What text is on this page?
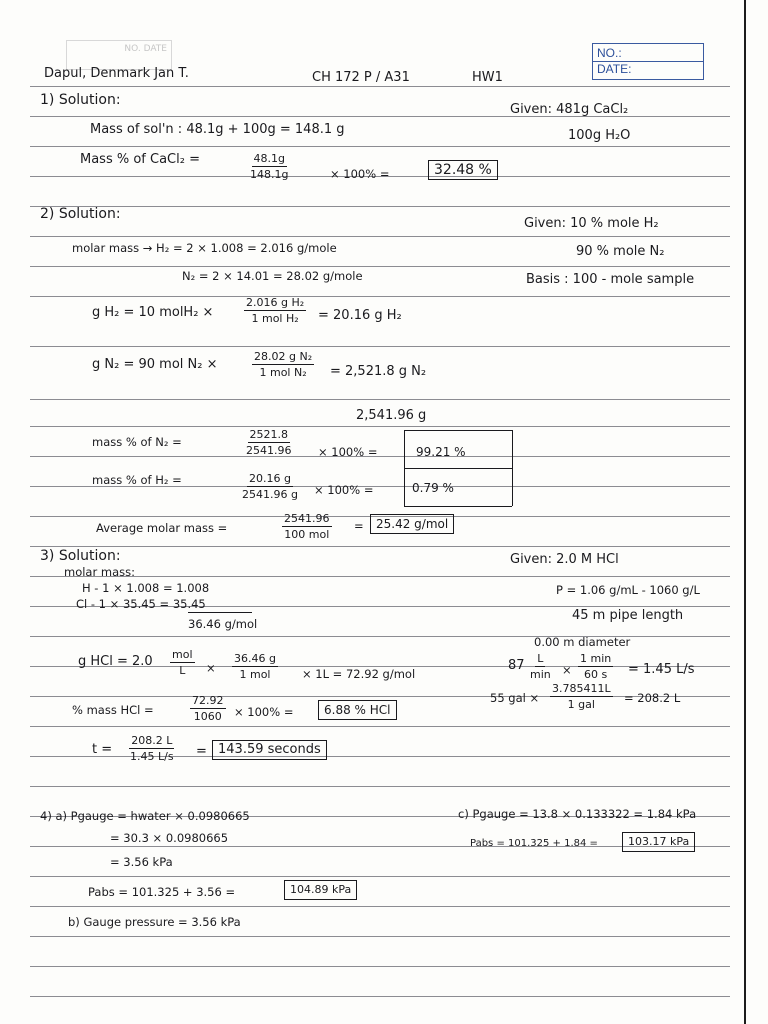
NO. DATE	NO.:
DATE:
Dapul, Denmark Jan T.	CH 172 P / A31	HW1
1) Solution:
Given: 481g CaCl₂
100g H₂O
Mass of sol'n : 48.1g + 100g = 148.1 g
Mass % of CaCl₂ =	$\frac{48.1g}{148.1g}$	× 100% =	32.48 %
2) Solution:
Given: 10 % mole H₂
90 % mole N₂
Basis : 100 - mole sample
molar mass → H₂ = 2 × 1.008 = 2.016 g/mole
N₂ = 2 × 14.01 = 28.02 g/mole
g H₂ = 10 molH₂ ×
2.016 g H₂
1 mol H₂ = 20.16 g H₂
g N₂ = 90 mol N₂ ×
28.02 g N₂
1 mol N₂ = 2,521.8 g N₂
2,541.96 g
mass % of N₂ =	$\frac{2521.8}{2541.96} \times 100\%$ =
mass % of H₂ =	$\frac{20.16 g}{2541.96 g} \times 100\%$ =
99.21 %
0.79 %
Average molar mass =
2541.96
100 mol
=	25.42 g/mol
3) Solution:
molar mass:
H - 1 × 1.008 = 1.008
Cl - 1 × 35.45 = 35.45
36.46 g/mol
Given: 2.0 M HCl
P = 1.06 g/mL - 1060 g/L
45 m pipe length
0.00 m diameter
g HCl = 2.0 mol
L ×
36.46 g
1 mol	× 1L = 72.92 g/mol
87 L
min ×
1 min
60 s = 1.45 L/s
55 gal ×
3.785411L
1 gal	= 208.2 L
% mass HCl =	$\frac{72.92}{1060} \times 100\%$ =	6.88 % HCl
$t = \frac{208.2 L}{1.45 L/s} = 143.59$ seconds
4) a) Pgauge = hwater × 0.0980665
= 30.3 × 0.0980665
= 3.56 kPa
Pabs = 101.325 + 3.56 =	104.89 kPa
b) Gauge pressure = 3.56 kPa
c) Pgauge = 13.8 × 0.133322 = 1.84 kPa
Pabs = 101.325 + 1.84 =	103.17 kPa
